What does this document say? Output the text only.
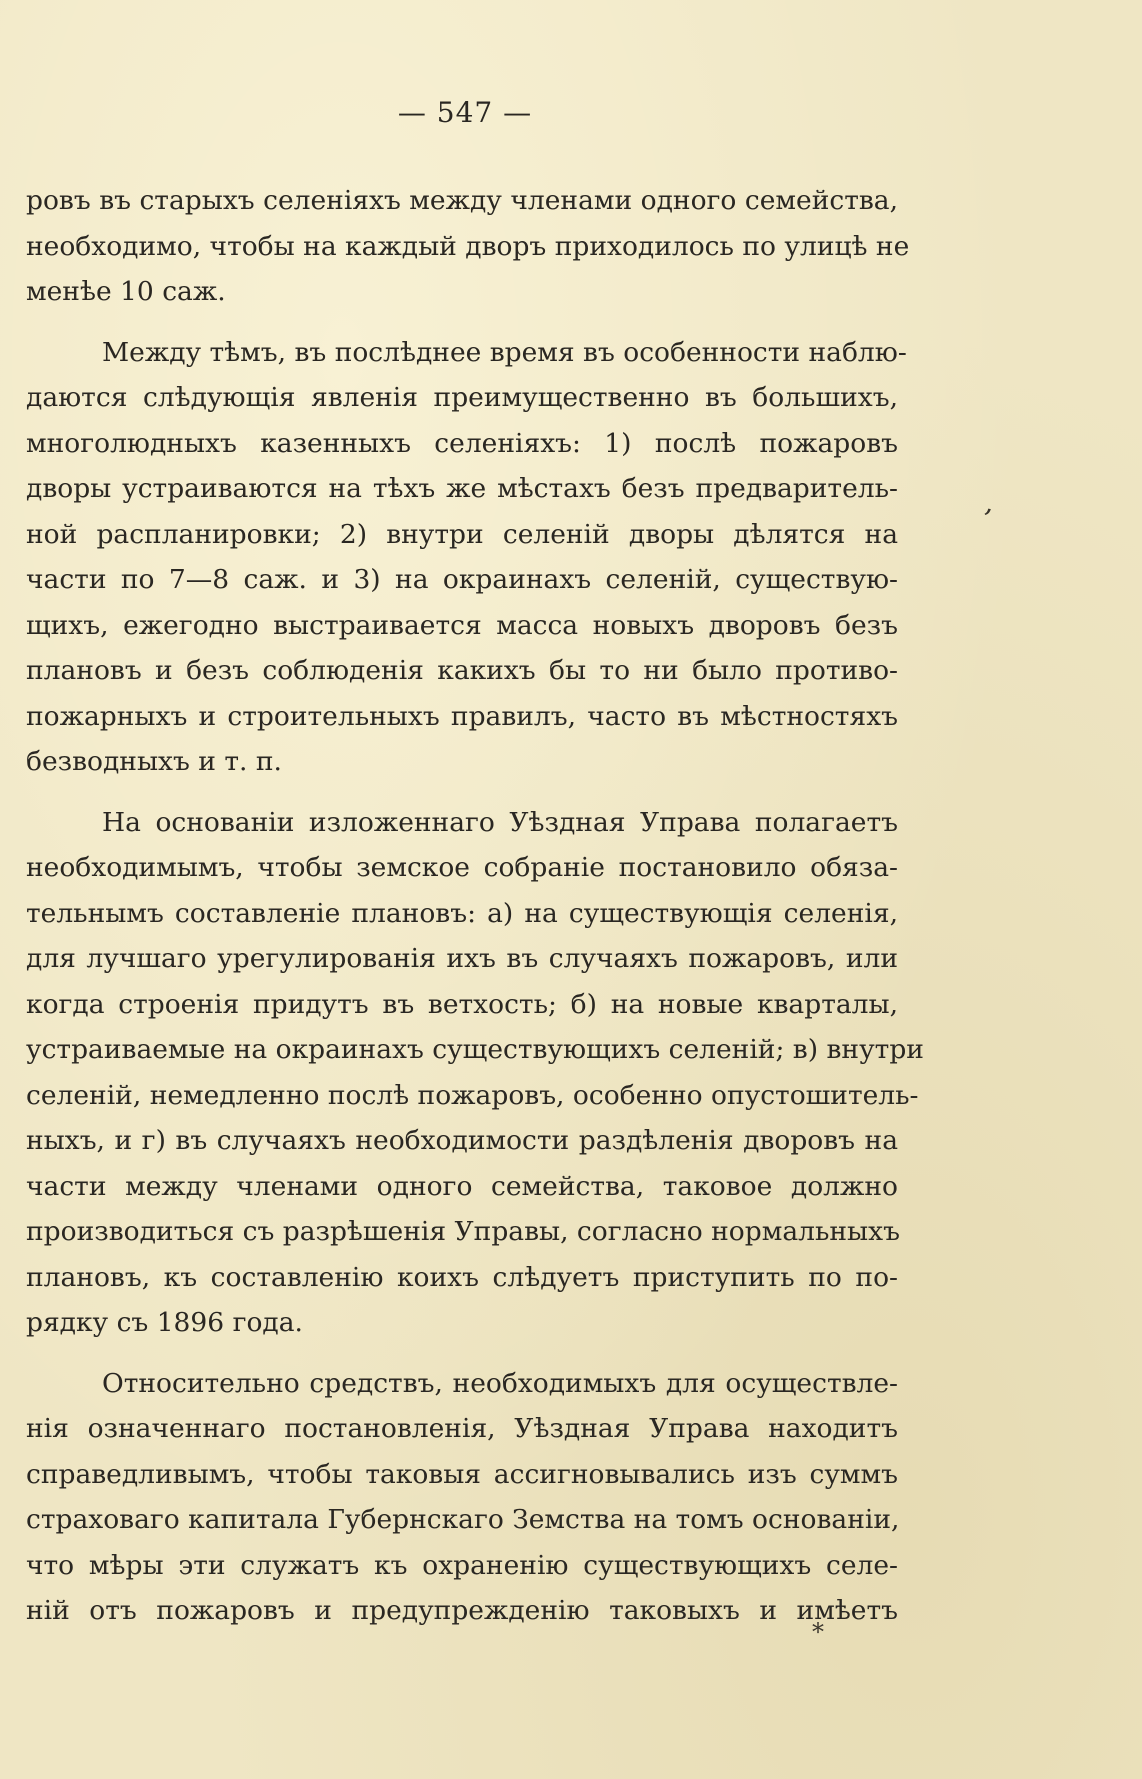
— 547 —
ровъ въ старыхъ селеніяхъ между членами одного семейства,
необходимо, чтобы на каждый дворъ приходилось по улицѣ не
менѣе 10 саж.
Между тѣмъ, въ послѣднее время въ особенности наблю-
даются слѣдующія явленія преимущественно въ большихъ,
многолюдныхъ казенныхъ селеніяхъ: 1) послѣ пожаровъ
дворы устраиваются на тѣхъ же мѣстахъ безъ предваритель-
ной распланировки; 2) внутри селеній дворы дѣлятся на
части по 7—8 саж. и 3) на окраинахъ селеній, существую-
щихъ, ежегодно выстраивается масса новыхъ дворовъ безъ
плановъ и безъ соблюденія какихъ бы то ни было противо-
пожарныхъ и строительныхъ правилъ, часто въ мѣстностяхъ
безводныхъ и т. п.
На основаніи изложеннаго Уѣздная Управа полагаетъ
необходимымъ, чтобы земское собраніе постановило обяза-
тельнымъ составленіе плановъ: а) на существующія селенія,
для лучшаго урегулированія ихъ въ случаяхъ пожаровъ, или
когда строенія придутъ въ ветхость; б) на новые кварталы,
устраиваемые на окраинахъ существующихъ селеній; в) внутри
селеній, немедленно послѣ пожаровъ, особенно опустошитель-
ныхъ, и г) въ случаяхъ необходимости раздѣленія дворовъ на
части между членами одного семейства, таковое должно
производиться съ разрѣшенія Управы, согласно нормальныхъ
плановъ, къ составленію коихъ слѣдуетъ приступить по по-
рядку съ 1896 года.
Относительно средствъ, необходимыхъ для осуществле-
нія означеннаго постановленія, Уѣздная Управа находитъ
справедливымъ, чтобы таковыя ассигновывались изъ суммъ
страховаго капитала Губернскаго Земства на томъ основаніи,
что мѣры эти служатъ къ охраненію существующихъ селе-
ній отъ пожаровъ и предупрежденію таковыхъ и имѣетъ
,
*
